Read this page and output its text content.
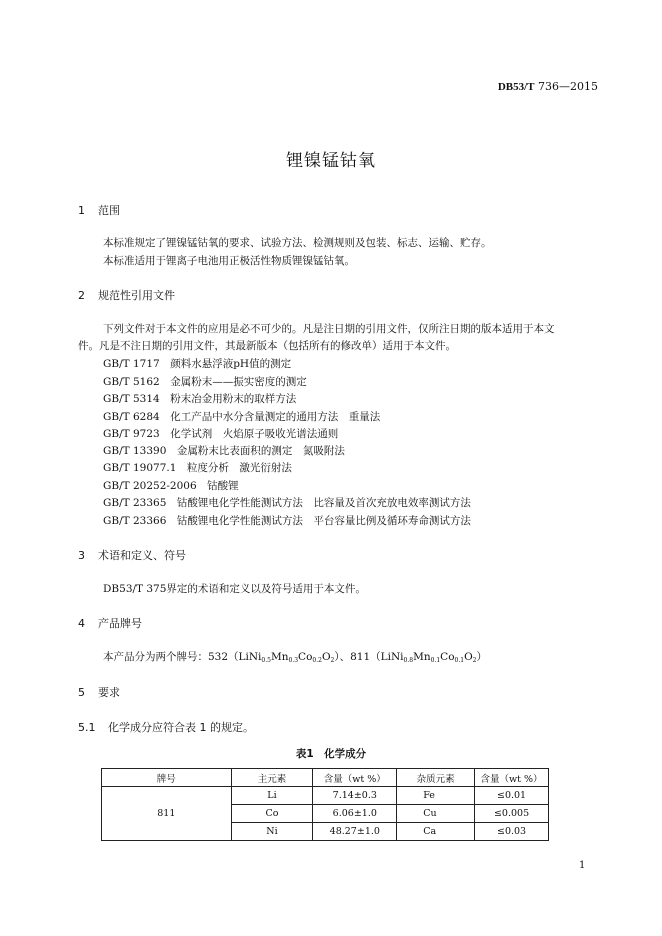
DB53/T 736—2015
锂镍锰钴氧
1 范围
本标准规定了锂镍锰钴氧的要求、试验方法、检测规则及包装、标志、运输、贮存。
本标准适用于锂离子电池用正极活性物质锂镍锰钴氧。
2 规范性引用文件
下列文件对于本文件的应用是必不可少的。凡是注日期的引用文件，仅所注日期的版本适用于本文
件。凡是不注日期的引用文件，其最新版本（包括所有的修改单）适用于本文件。
GB/T 1717　颜料水悬浮液pH值的测定
GB/T 5162　金属粉末——振实密度的测定
GB/T 5314　粉末冶金用粉末的取样方法
GB/T 6284　化工产品中水分含量测定的通用方法　重量法
GB/T 9723　化学试剂　火焰原子吸收光谱法通则
GB/T 13390　金属粉末比表面积的测定　氮吸附法
GB/T 19077.1　粒度分析　激光衍射法
GB/T 20252-2006　钴酸锂
GB/T 23365　钴酸锂电化学性能测试方法　比容量及首次充放电效率测试方法
GB/T 23366　钴酸锂电化学性能测试方法　平台容量比例及循环寿命测试方法
3 术语和定义、符号
DB53/T 375界定的术语和定义以及符号适用于本文件。
4 产品牌号
本产品分为两个牌号：$532(LiNi_{0.5}Mn_{0.3}Co_{0.2}O_2)$、$811(LiNi_{0.8}Mn_{0.1}Co_{0.1}O_2)$
5 要求
5.1 化学成分应符合表 1 的规定。
表1　化学成分
牌号	主元素	含量（wt %）	杂质元素	含量（wt %）
811	Li	7.14±0.3	Fe	≤0.01
	Co	6.06±1.0	Cu	≤0.005
	Ni	48.27±1.0	Ca	≤0.03
1
